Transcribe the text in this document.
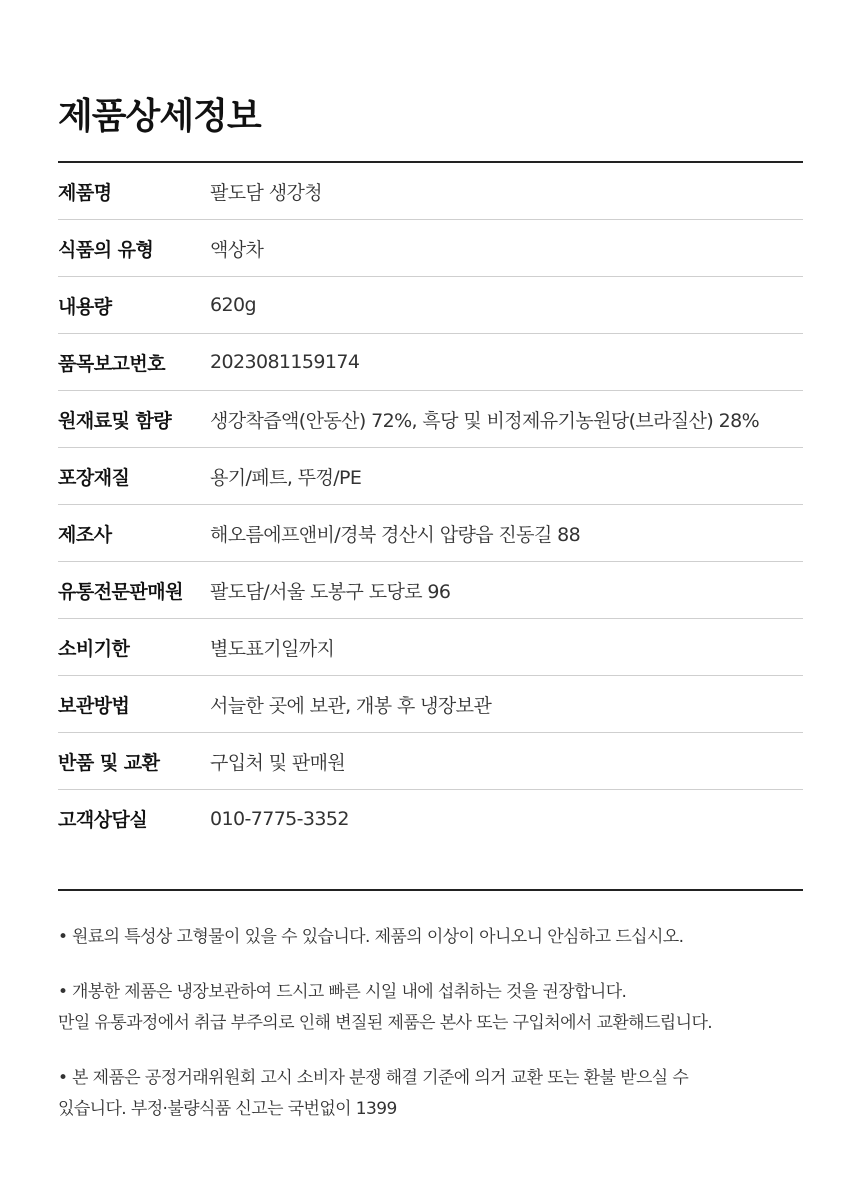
제품상세정보
제품명	팔도담 생강청
식품의 유형	액상차
내용량	620g
품목보고번호	2023081159174
원재료및 함량	생강착즙액(안동산) 72%, 흑당 및 비정제유기농원당(브라질산) 28%
포장재질	용기/페트, 뚜껑/PE
제조사	해오름에프앤비/경북 경산시 압량읍 진동길 88
유통전문판매원	팔도담/서울 도봉구 도당로 96
소비기한	별도표기일까지
보관방법	서늘한 곳에 보관, 개봉 후 냉장보관
반품 및 교환	구입처 및 판매원
고객상담실	010-7775-3352
• 원료의 특성상 고형물이 있을 수 있습니다. 제품의 이상이 아니오니 안심하고 드십시오.
• 개봉한 제품은 냉장보관하여 드시고 빠른 시일 내에 섭취하는 것을 권장합니다.
만일 유통과정에서 취급 부주의로 인해 변질된 제품은 본사 또는 구입처에서 교환해드립니다.
• 본 제품은 공정거래위원회 고시 소비자 분쟁 해결 기준에 의거 교환 또는 환불 받으실 수
있습니다. 부정·불량식품 신고는 국번없이 1399
